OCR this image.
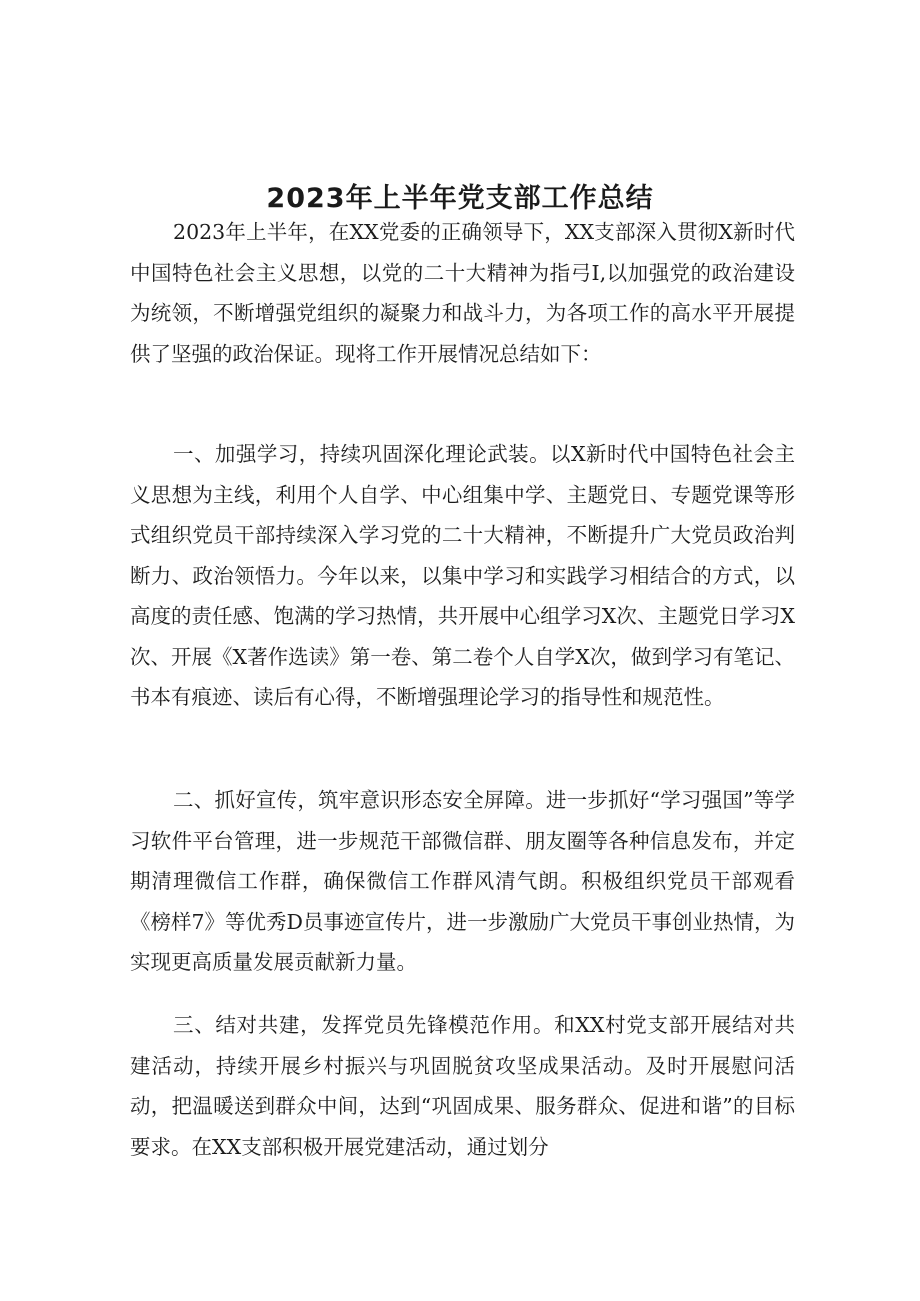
2023年上半年党支部工作总结

2023年上半年，在XX党委的正确领导下，XX支部深入贯彻X新时代中国特色社会主义思想，以党的二十大精神为指弓I,以加强党的政治建设为统领，不断增强党组织的凝聚力和战斗力，为各项工作的高水平开展提供了坚强的政治保证。现将工作开展情况总结如下：

一、加强学习，持续巩固深化理论武装。以X新时代中国特色社会主义思想为主线，利用个人自学、中心组集中学、主题党日、专题党课等形式组织党员干部持续深入学习党的二十大精神，不断提升广大党员政治判断力、政治领悟力。今年以来，以集中学习和实践学习相结合的方式，以高度的责任感、饱满的学习热情，共开展中心组学习X次、主题党日学习X次、开展《X著作选读》第一卷、第二卷个人自学X次，做到学习有笔记、书本有痕迹、读后有心得，不断增强理论学习的指导性和规范性。

二、抓好宣传，筑牢意识形态安全屏障。进一步抓好“学习强国”等学习软件平台管理，进一步规范干部微信群、朋友圈等各种信息发布，并定期清理微信工作群，确保微信工作群风清气朗。积极组织党员干部观看《榜样7》等优秀D员事迹宣传片，进一步激励广大党员干事创业热情，为实现更高质量发展贡献新力量。

三、结对共建，发挥党员先锋模范作用。和XX村党支部开展结对共建活动，持续开展乡村振兴与巩固脱贫攻坚成果活动。及时开展慰问活动，把温暖送到群众中间，达到“巩固成果、服务群众、促进和谐”的目标要求。在XX支部积极开展党建活动，通过划分
